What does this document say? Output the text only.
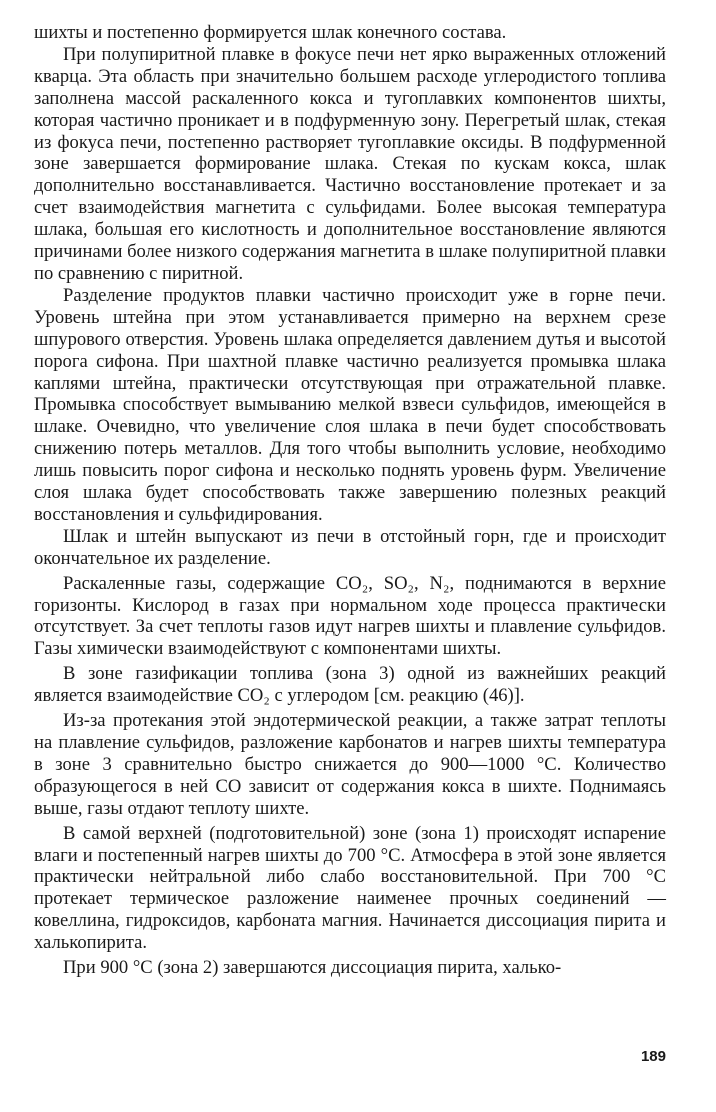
шихты и постепенно формируется шлак конечного состава.

При полупиритной плавке в фокусе печи нет ярко выраженных отложений кварца. Эта область при значительно большем расходе углеродистого топлива заполнена массой раскаленного кокса и тугоплавких компонентов шихты, которая частично проникает и в подфурменную зону. Перегретый шлак, стекая из фокуса печи, постепенно растворяет тугоплавкие оксиды. В подфурменной зоне завершается формирование шлака. Стекая по кускам кокса, шлак дополнительно восстанавливается. Частично восстановление протекает и за счет взаимодействия магнетита с сульфидами. Более высокая температура шлака, большая его кислотность и дополнительное восстановление являются причинами более низкого содержания магнетита в шлаке полупиритной плавки по сравнению с пиритной.

Разделение продуктов плавки частично происходит уже в горне печи. Уровень штейна при этом устанавливается примерно на верхнем срезе шпурового отверстия. Уровень шлака определяется давлением дутья и высотой порога сифона. При шахтной плавке частично реализуется промывка шлака каплями штейна, практически отсутствующая при отражательной плавке. Промывка способствует вымыванию мелкой взвеси сульфидов, имеющейся в шлаке. Очевидно, что увеличение слоя шлака в печи будет способствовать снижению потерь металлов. Для того чтобы выполнить условие, необходимо лишь повысить порог сифона и несколько поднять уровень фурм. Увеличение слоя шлака будет способствовать также завершению полезных реакций восстановления и сульфидирования.

Шлак и штейн выпускают из печи в отстойный горн, где и происходит окончательное их разделение.

Раскаленные газы, содержащие CO₂, SO₂, N₂, поднимаются в верхние горизонты. Кислород в газах при нормальном ходе процесса практически отсутствует. За счет теплоты газов идут нагрев шихты и плавление сульфидов. Газы химически взаимодействуют с компонентами шихты.

В зоне газификации топлива (зона 3) одной из важнейших реакций является взаимодействие CO₂ с углеродом [см. реакцию (46)].

Из-за протекания этой эндотермической реакции, а также затрат теплоты на плавление сульфидов, разложение карбонатов и нагрев шихты температура в зоне 3 сравнительно быстро снижается до 900—1000 °С. Количество образующегося в ней CO зависит от содержания кокса в шихте. Поднимаясь выше, газы отдают теплоту шихте.

В самой верхней (подготовительной) зоне (зона 1) происходят испарение влаги и постепенный нагрев шихты до 700 °С. Атмосфера в этой зоне является практически нейтральной либо слабо восстановительной. При 700 °С протекает термическое разложение наименее прочных соединений — ковеллина, гидроксидов, карбоната магния. Начинается диссоциация пирита и халькопирита.

При 900 °С (зона 2) завершаются диссоциация пирита, халько-

189
